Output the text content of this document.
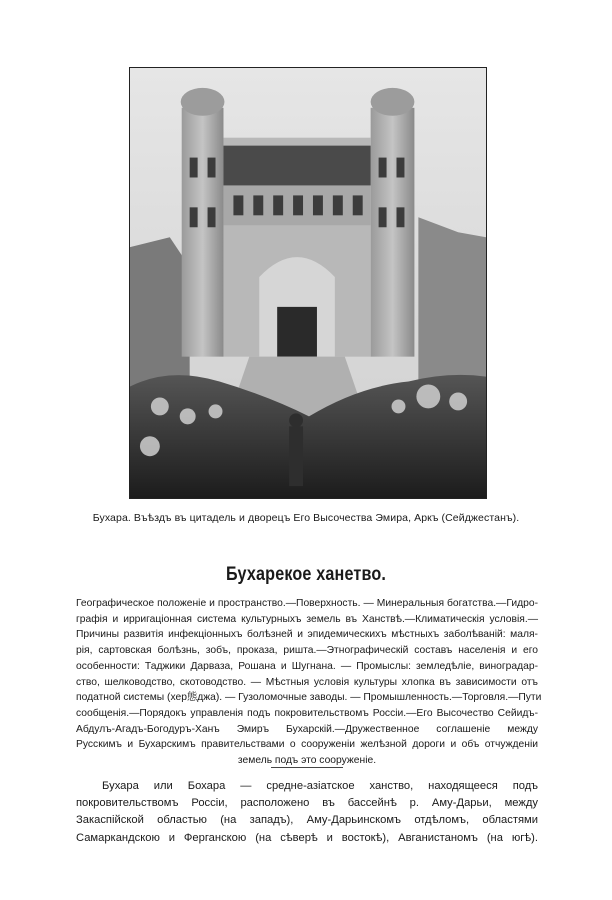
Бухара. Въѣздъ въ цитадель и дворецъ Его Высочества Эмира, Аркъ (Сейджестанъ).
Бухарекое ханетво.
Географическое положеніе и пространство.—Поверхность. — Минеральныя богатства.—Гидро-
графія и ирригаціонная система культурныхъ земель въ Ханствѣ.—Климатическія условія.—
Причины развитія инфекціонныхъ болѣзней и эпидемическихъ мѣстныхъ заболѣваній: маля-
рія, сартовская болѣзнь, зобъ, проказа, ришта.—Этнографическій составъ населенія и его
особенности: Таджики Дарваза, Рошана и Шугнана. — Промыслы: земледѣліе, виноградар-
ство, шелководство, скотоводство. — Мѣстныя условія культуры хлопка въ зависимости отъ
податной системы (хер態джа). — Гузоломочные заводы. — Промышленность.—Торговля.—Пути
сообщенія.—Порядокъ управленія подъ покровительствомъ Россіи.—Его Высочество Сейидъ-
Абдулъ-Агадъ-Богодуръ-Ханъ Эмиръ Бухарскій.—Дружественное соглашеніе между
Русскимъ и Бухарскимъ правительствами о сооруженіи желѣзной дороги и объ отчужденіи
земель подъ это сооруженіе.
Бухара или Бохара — средне-азіатское ханство, находящееся подъ
покровительствомъ Россіи, расположено въ бассейнѣ р. Аму-Дарьи, между
Закаспійской областью (на западъ), Аму-Дарьинскомъ отдѣломъ, областями
Самаркандскою и Ферганскою (на сѣверѣ и востокѣ), Авганистаномъ (на югѣ).
